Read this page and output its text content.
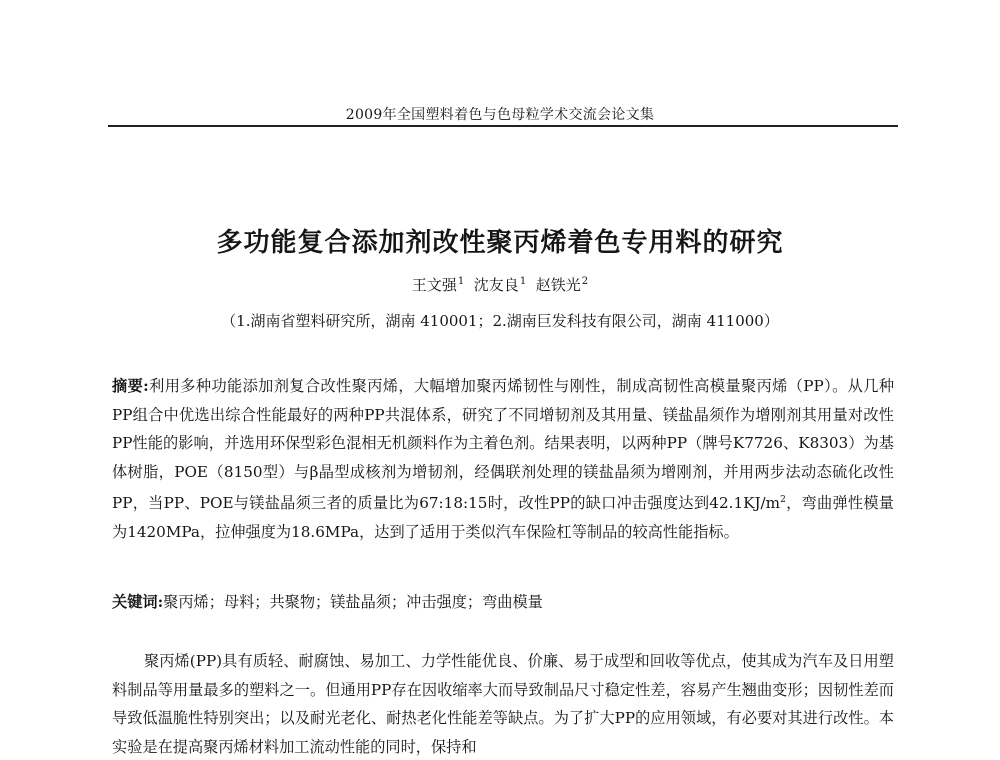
2009年全国塑料着色与色母粒学术交流会论文集
多功能复合添加剂改性聚丙烯着色专用料的研究
王文强$^1$ 沈友良$^1$ 赵铁光$^2$
（1.湖南省塑料研究所，湖南 410001；2.湖南巨发科技有限公司，湖南 411000）
摘要:利用多种功能添加剂复合改性聚丙烯，大幅增加聚丙烯韧性与刚性，制成高韧性高模量聚丙烯（PP）。从几种PP组合中优选出综合性能最好的两种PP共混体系，研究了不同增韧剂及其用量、镁盐晶须作为增刚剂其用量对改性PP性能的影响，并选用环保型彩色混相无机颜料作为主着色剂。结果表明，以两种PP（牌号K7726、K8303）为基体树脂，POE（8150型）与β晶型成核剂为增韧剂，经偶联剂处理的镁盐晶须为增刚剂，并用两步法动态硫化改性PP，当PP、POE与镁盐晶须三者的质量比为67:18:15时，改性PP的缺口冲击强度达到$42.1KJ/m^2$，弯曲弹性模量为1420MPa，拉伸强度为18.6MPa，达到了适用于类似汽车保险杠等制品的较高性能指标。
关键词:聚丙烯；母料；共聚物；镁盐晶须；冲击强度；弯曲模量
聚丙烯(PP)具有质轻、耐腐蚀、易加工、力学性能优良、价廉、易于成型和回收等优点，使其成为汽车及日用塑料制品等用量最多的塑料之一。但通用PP存在因收缩率大而导致制品尺寸稳定性差，容易产生翘曲变形；因韧性差而导致低温脆性特别突出；以及耐光老化、耐热老化性能差等缺点。为了扩大PP的应用领域，有必要对其进行改性。本实验是在提高聚丙烯材料加工流动性能的同时，保持和
